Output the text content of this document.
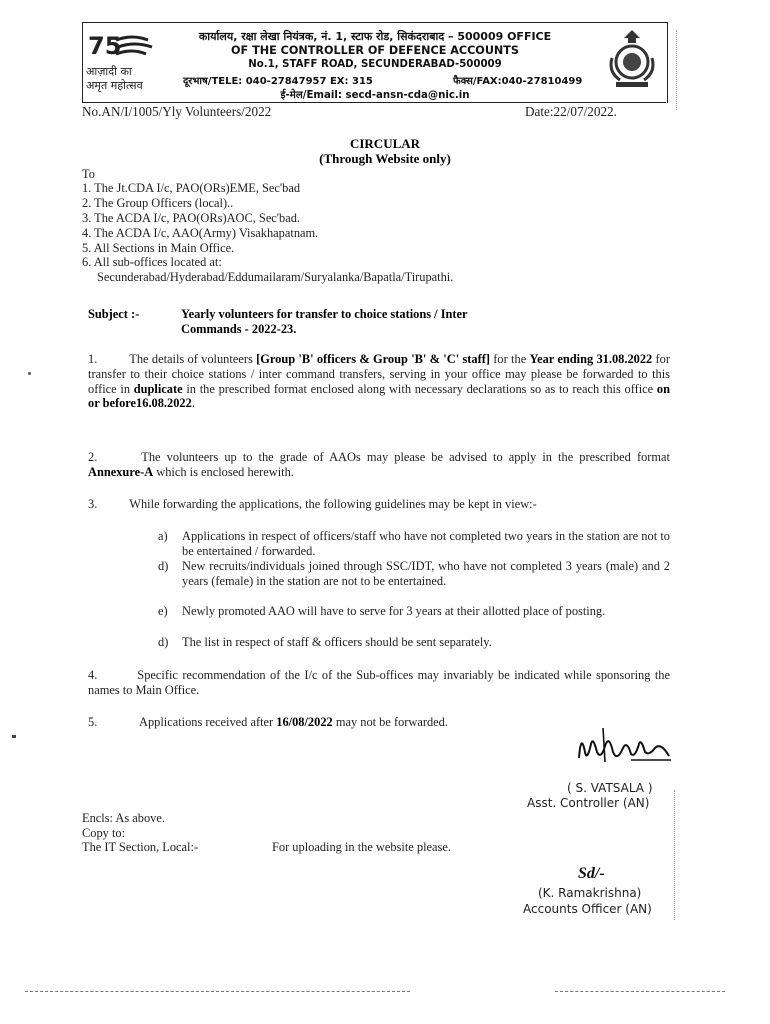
कार्यालय, रक्षा लेखा नियंत्रक, नं. 1, स्टाफ रोड, सिकंदराबाद – 500009 OFFICE
OF THE CONTROLLER OF DEFENCE ACCOUNTS
No.1, STAFF ROAD, SECUNDERABAD-500009
दूरभाष/TELE: 040-27847957 EX: 315	फैक्स/FAX:040-27810499
ई-मेल/Email: secd-ansn-cda@nic.in
75
आज़ादी का
अमृत महोत्सव
No.AN/I/1005/Yly Volunteers/2022	Date:22/07/2022.
CIRCULAR
(Through Website only)
To
1. The Jt.CDA I/c, PAO(ORs)EME, Sec'bad
2. The Group Officers (local)..
3. The ACDA I/c, PAO(ORs)AOC, Sec'bad.
4. The ACDA I/c, AAO(Army) Visakhapatnam.
5. All Sections in Main Office.
6. All sub-offices located at:
Secunderabad/Hyderabad/Eddumailaram/Suryalanka/Bapatla/Tirupathi.
Subject :-	Yearly volunteers for transfer to choice stations / Inter
Commands - 2022-23.
1.	The details of volunteers [Group 'B' officers & Group 'B' & 'C' staff] for the Year ending 31.08.2022 for transfer to their choice stations / inter command transfers, serving in your office may please be forwarded to this office in duplicate in the prescribed format enclosed along with necessary declarations so as to reach this office on or before16.08.2022.
2.	The volunteers up to the grade of AAOs may please be advised to apply in the prescribed format Annexure-A which is enclosed herewith.
3.	While forwarding the applications, the following guidelines may be kept in view:-
a) Applications in respect of officers/staff who have not completed two years in the station are not to be entertained / forwarded.
d) New recruits/individuals joined through SSC/IDT, who have not completed 3 years (male) and 2 years (female) in the station are not to be entertained.
e) Newly promoted AAO will have to serve for 3 years at their allotted place of posting.
d) The list in respect of staff & officers should be sent separately.
4.	Specific recommendation of the I/c of the Sub-offices may invariably be indicated while sponsoring the names to Main Office.
5.	Applications received after 16/08/2022 may not be forwarded.
( S. VATSALA )
Asst. Controller (AN)
Encls: As above.
Copy to:
The IT Section, Local:-	For uploading in the website please.
Sd/-
(K. Ramakrishna)
Accounts Officer (AN)
